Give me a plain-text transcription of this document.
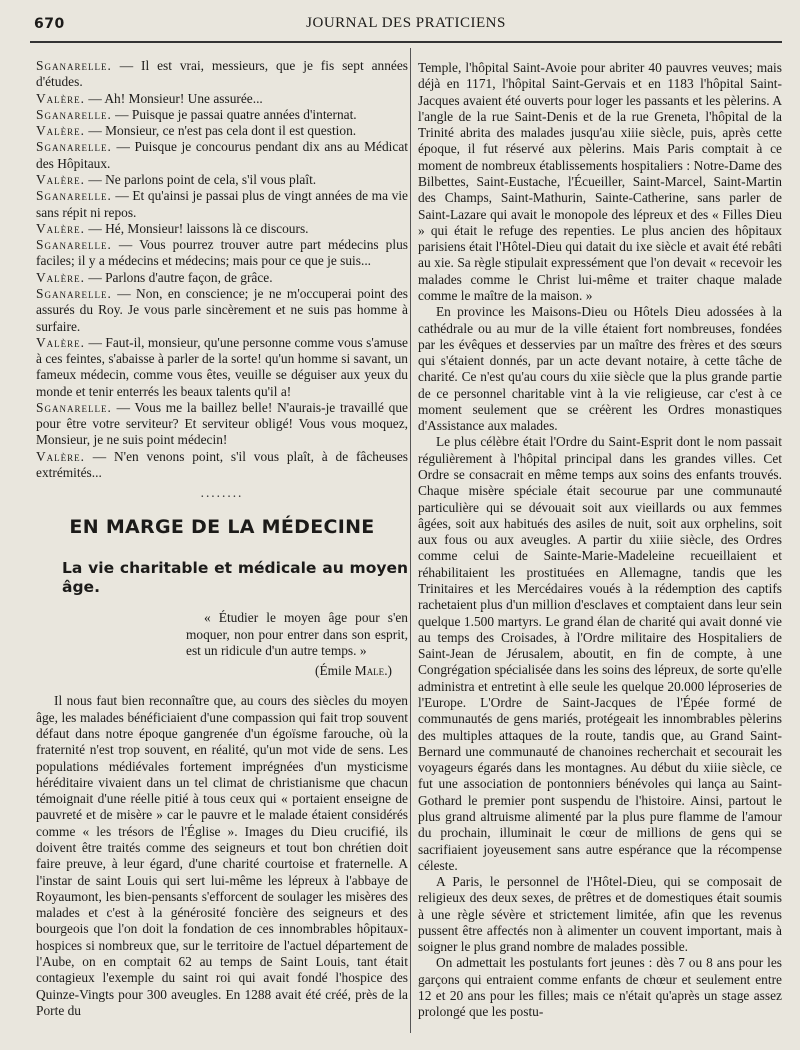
670	JOURNAL DES PRATICIENS

Sganarelle. — Il est vrai, messieurs, que je fis sept années d'études.

Valère. — Ah! Monsieur! Une assurée...

Sganarelle. — Puisque je passai quatre années d'internat.

Valère. — Monsieur, ce n'est pas cela dont il est question.

Sganarelle. — Puisque je concourus pendant dix ans au Médicat des Hôpitaux.

Valère. — Ne parlons point de cela, s'il vous plaît.

Sganarelle. — Et qu'ainsi je passai plus de vingt années de ma vie sans répit ni repos.

Valère. — Hé, Monsieur! laissons là ce discours.

Sganarelle. — Vous pourrez trouver autre part médecins plus faciles; il y a médecins et médecins; mais pour ce que je suis...

Valère. — Parlons d'autre façon, de grâce.

Sganarelle. — Non, en conscience; je ne m'occuperai point des assurés du Roy. Je vous parle sincèrement et ne suis pas homme à surfaire.

Valère. — Faut-il, monsieur, qu'une personne comme vous s'amuse à ces feintes, s'abaisse à parler de la sorte! qu'un homme si savant, un fameux médecin, comme vous êtes, veuille se déguiser aux yeux du monde et tenir enterrés les beaux talents qu'il a!

Sganarelle. — Vous me la baillez belle! N'aurais-je travaillé que pour être votre serviteur? Et serviteur obligé! Vous vous moquez, Monsieur, je ne suis point médecin!

Valère. — N'en venons point, s'il vous plaît, à de fâcheuses extrémités...

........
EN MARGE DE LA MÉDECINE
La vie charitable et médicale au moyen âge.

« Étudier le moyen âge pour s'en moquer, non pour entrer dans son esprit, est un ridicule d'un autre temps. »

(Émile Male.)

Il nous faut bien reconnaître que, au cours des siècles du moyen âge, les malades bénéficiaient d'une compassion qui fait trop souvent défaut dans notre époque gangrenée d'un égoïsme farouche, où la fraternité n'est trop souvent, en réalité, qu'un mot vide de sens. Les populations médiévales fortement imprégnées d'un mysticisme héréditaire vivaient dans un tel climat de christianisme que chacun témoignait d'une réelle pitié à tous ceux qui « portaient enseigne de pauvreté et de misère » car le pauvre et le malade étaient considérés comme « les trésors de l'Église ». Images du Dieu crucifié, ils doivent être traités comme des seigneurs et tout bon chrétien doit faire preuve, à leur égard, d'une charité courtoise et fraternelle. A l'instar de saint Louis qui sert lui-même les lépreux à l'abbaye de Royaumont, les bien-pensants s'efforcent de soulager les misères des malades et c'est à la générosité foncière des seigneurs et des bourgeois que l'on doit la fondation de ces innombrables hôpitaux-hospices si nombreux que, sur le territoire de l'actuel département de l'Aube, on en comptait 62 au temps de Saint Louis, tant était contagieux l'exemple du saint roi qui avait fondé l'hospice des Quinze-Vingts pour 300 aveugles. En 1288 avait été créé, près de la Porte du

Temple, l'hôpital Saint-Avoie pour abriter 40 pauvres veuves; mais déjà en 1171, l'hôpital Saint-Gervais et en 1183 l'hôpital Saint-Jacques avaient été ouverts pour loger les passants et les pèlerins. A l'angle de la rue Saint-Denis et de la rue Greneta, l'hôpital de la Trinité abrita des malades jusqu'au xiiie siècle, puis, après cette époque, il fut réservé aux pèlerins. Mais Paris comptait à ce moment de nombreux établissements hospitaliers : Notre-Dame des Bilbettes, Saint-Eustache, l'Écueiller, Saint-Marcel, Saint-Martin des Champs, Saint-Mathurin, Sainte-Catherine, sans parler de Saint-Lazare qui avait le monopole des lépreux et des « Filles Dieu » qui était le refuge des repenties. Le plus ancien des hôpitaux parisiens était l'Hôtel-Dieu qui datait du ixe siècle et avait été rebâti au xie. Sa règle stipulait expressément que l'on devait « recevoir les malades comme le Christ lui-même et traiter chaque malade comme le maître de la maison. »

En province les Maisons-Dieu ou Hôtels Dieu adossées à la cathédrale ou au mur de la ville étaient fort nombreuses, fondées par les évêques et desservies par un maître des frères et des sœurs qui s'étaient donnés, par un acte devant notaire, à cette tâche de charité. Ce n'est qu'au cours du xiie siècle que la plus grande partie de ce personnel charitable vint à la vie religieuse, car c'est à ce moment seulement que se créèrent les Ordres monastiques d'Assistance aux malades.

Le plus célèbre était l'Ordre du Saint-Esprit dont le nom passait régulièrement à l'hôpital principal dans les grandes villes. Cet Ordre se consacrait en même temps aux soins des enfants trouvés. Chaque misère spéciale était secourue par une communauté particulière qui se dévouait soit aux vieillards ou aux femmes âgées, soit aux habitués des asiles de nuit, soit aux orphelins, soit aux fous ou aux aveugles. A partir du xiiie siècle, des Ordres comme celui de Sainte-Marie-Madeleine recueillaient et réhabilitaient les prostituées en Allemagne, tandis que les Trinitaires et les Mercédaires voués à la rédemption des captifs rachetaient plus d'un million d'esclaves et comptaient dans leur sein quelque 1.500 martyrs. Le grand élan de charité qui avait donné vie au temps des Croisades, à l'Ordre militaire des Hospitaliers de Saint-Jean de Jérusalem, aboutit, en fin de compte, à une Congrégation spécialisée dans les soins des lépreux, de sorte qu'elle administra et entretint à elle seule les quelque 20.000 léproseries de l'Europe. L'Ordre de Saint-Jacques de l'Épée formé de communautés de gens mariés, protégeait les innombrables pèlerins des multiples attaques de la route, tandis que, au Grand Saint-Bernard une communauté de chanoines recherchait et secourait les voyageurs égarés dans les montagnes. Au début du xiiie siècle, ce fut une association de pontonniers bénévoles qui lança au Saint-Gothard le premier pont suspendu de l'histoire. Ainsi, partout le plus grand altruisme alimenté par la plus pure flamme de l'amour du prochain, illuminait le cœur de millions de gens qui se sacrifiaient joyeusement sans autre espérance que la récompense céleste.

A Paris, le personnel de l'Hôtel-Dieu, qui se composait de religieux des deux sexes, de prêtres et de domestiques était soumis à une règle sévère et strictement limitée, afin que les revenus pussent être affectés non à alimenter un couvent important, mais à soigner le plus grand nombre de malades possible.

On admettait les postulants fort jeunes : dès 7 ou 8 ans pour les garçons qui entraient comme enfants de chœur et seulement entre 12 et 20 ans pour les filles; mais ce n'était qu'après un stage assez prolongé que les postu-
